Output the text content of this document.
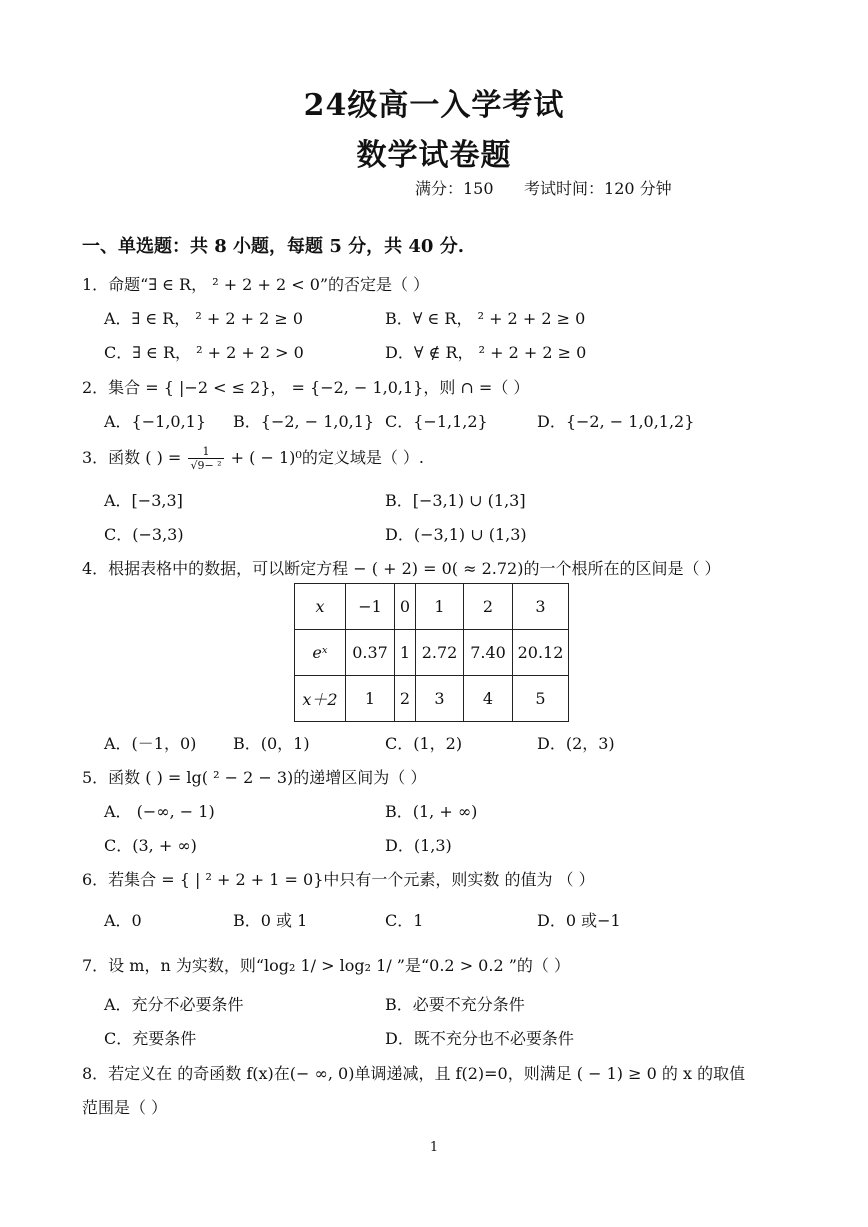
24级高一入学考试
数学试卷题
满分：150      考试时间：120 分钟
一、单选题：共 8 小题，每题 5 分，共 40 分.
1．命题“∃ ∈ R， ² + 2 + 2 < 0”的否定是（ ）
A．∃ ∈ R， ² + 2 + 2 ≥ 0	B．∀ ∈ R， ² + 2 + 2 ≥ 0
C．∃ ∈ R， ² + 2 + 2 > 0	D．∀ ∉ R， ² + 2 + 2 ≥ 0
2．集合 = { |−2 < ≤ 2}， = {−2, − 1,0,1}，则 ∩ =（ ）
A．{−1,0,1} B．{−2, − 1,0,1} C．{−1,1,2}	D．{−2, − 1,0,1,2}
3．函数 ( ) = $\frac{1}{\text{√9− ²}}$ + ( − 1)⁰的定义域是（ ）.
A．[−3,3]	B．[−3,1) ∪ (1,3]
C．(−3,3)	D．(−3,1) ∪ (1,3)
4．根据表格中的数据，可以断定方程 − ( + 2) = 0( ≈ 2.72)的一个根所在的区间是（ ）
x	−1	0	1	2	3
eˣ	0.37	1	2.72	7.40	20.12
x＋2	1	2	3	4	5
A．(－1，0) B．(0，1)	C．(1，2)	D．(2，3)
5．函数 ( ) = lg( ² − 2 − 3)的递增区间为（ ）
A． (−∞, − 1)	B．(1, + ∞)
C．(3, + ∞)	D．(1,3)
6．若集合 = { | ² + 2 + 1 = 0}中只有一个元素，则实数 的值为 （ ）
A．0	B．0 或 1	C．1	D．0 或−1
7．设 m，n 为实数，则“log₂ 1/ > log₂ 1/ ”是“0.2 > 0.2 ”的（ ）
A．充分不必要条件	B．必要不充分条件
C．充要条件	D．既不充分也不必要条件
8．若定义在 的奇函数 f(x)在(− ∞, 0)单调递减，且 f(2)=0，则满足 ( − 1) ≥ 0 的 x 的取值
范围是（ ）
1
